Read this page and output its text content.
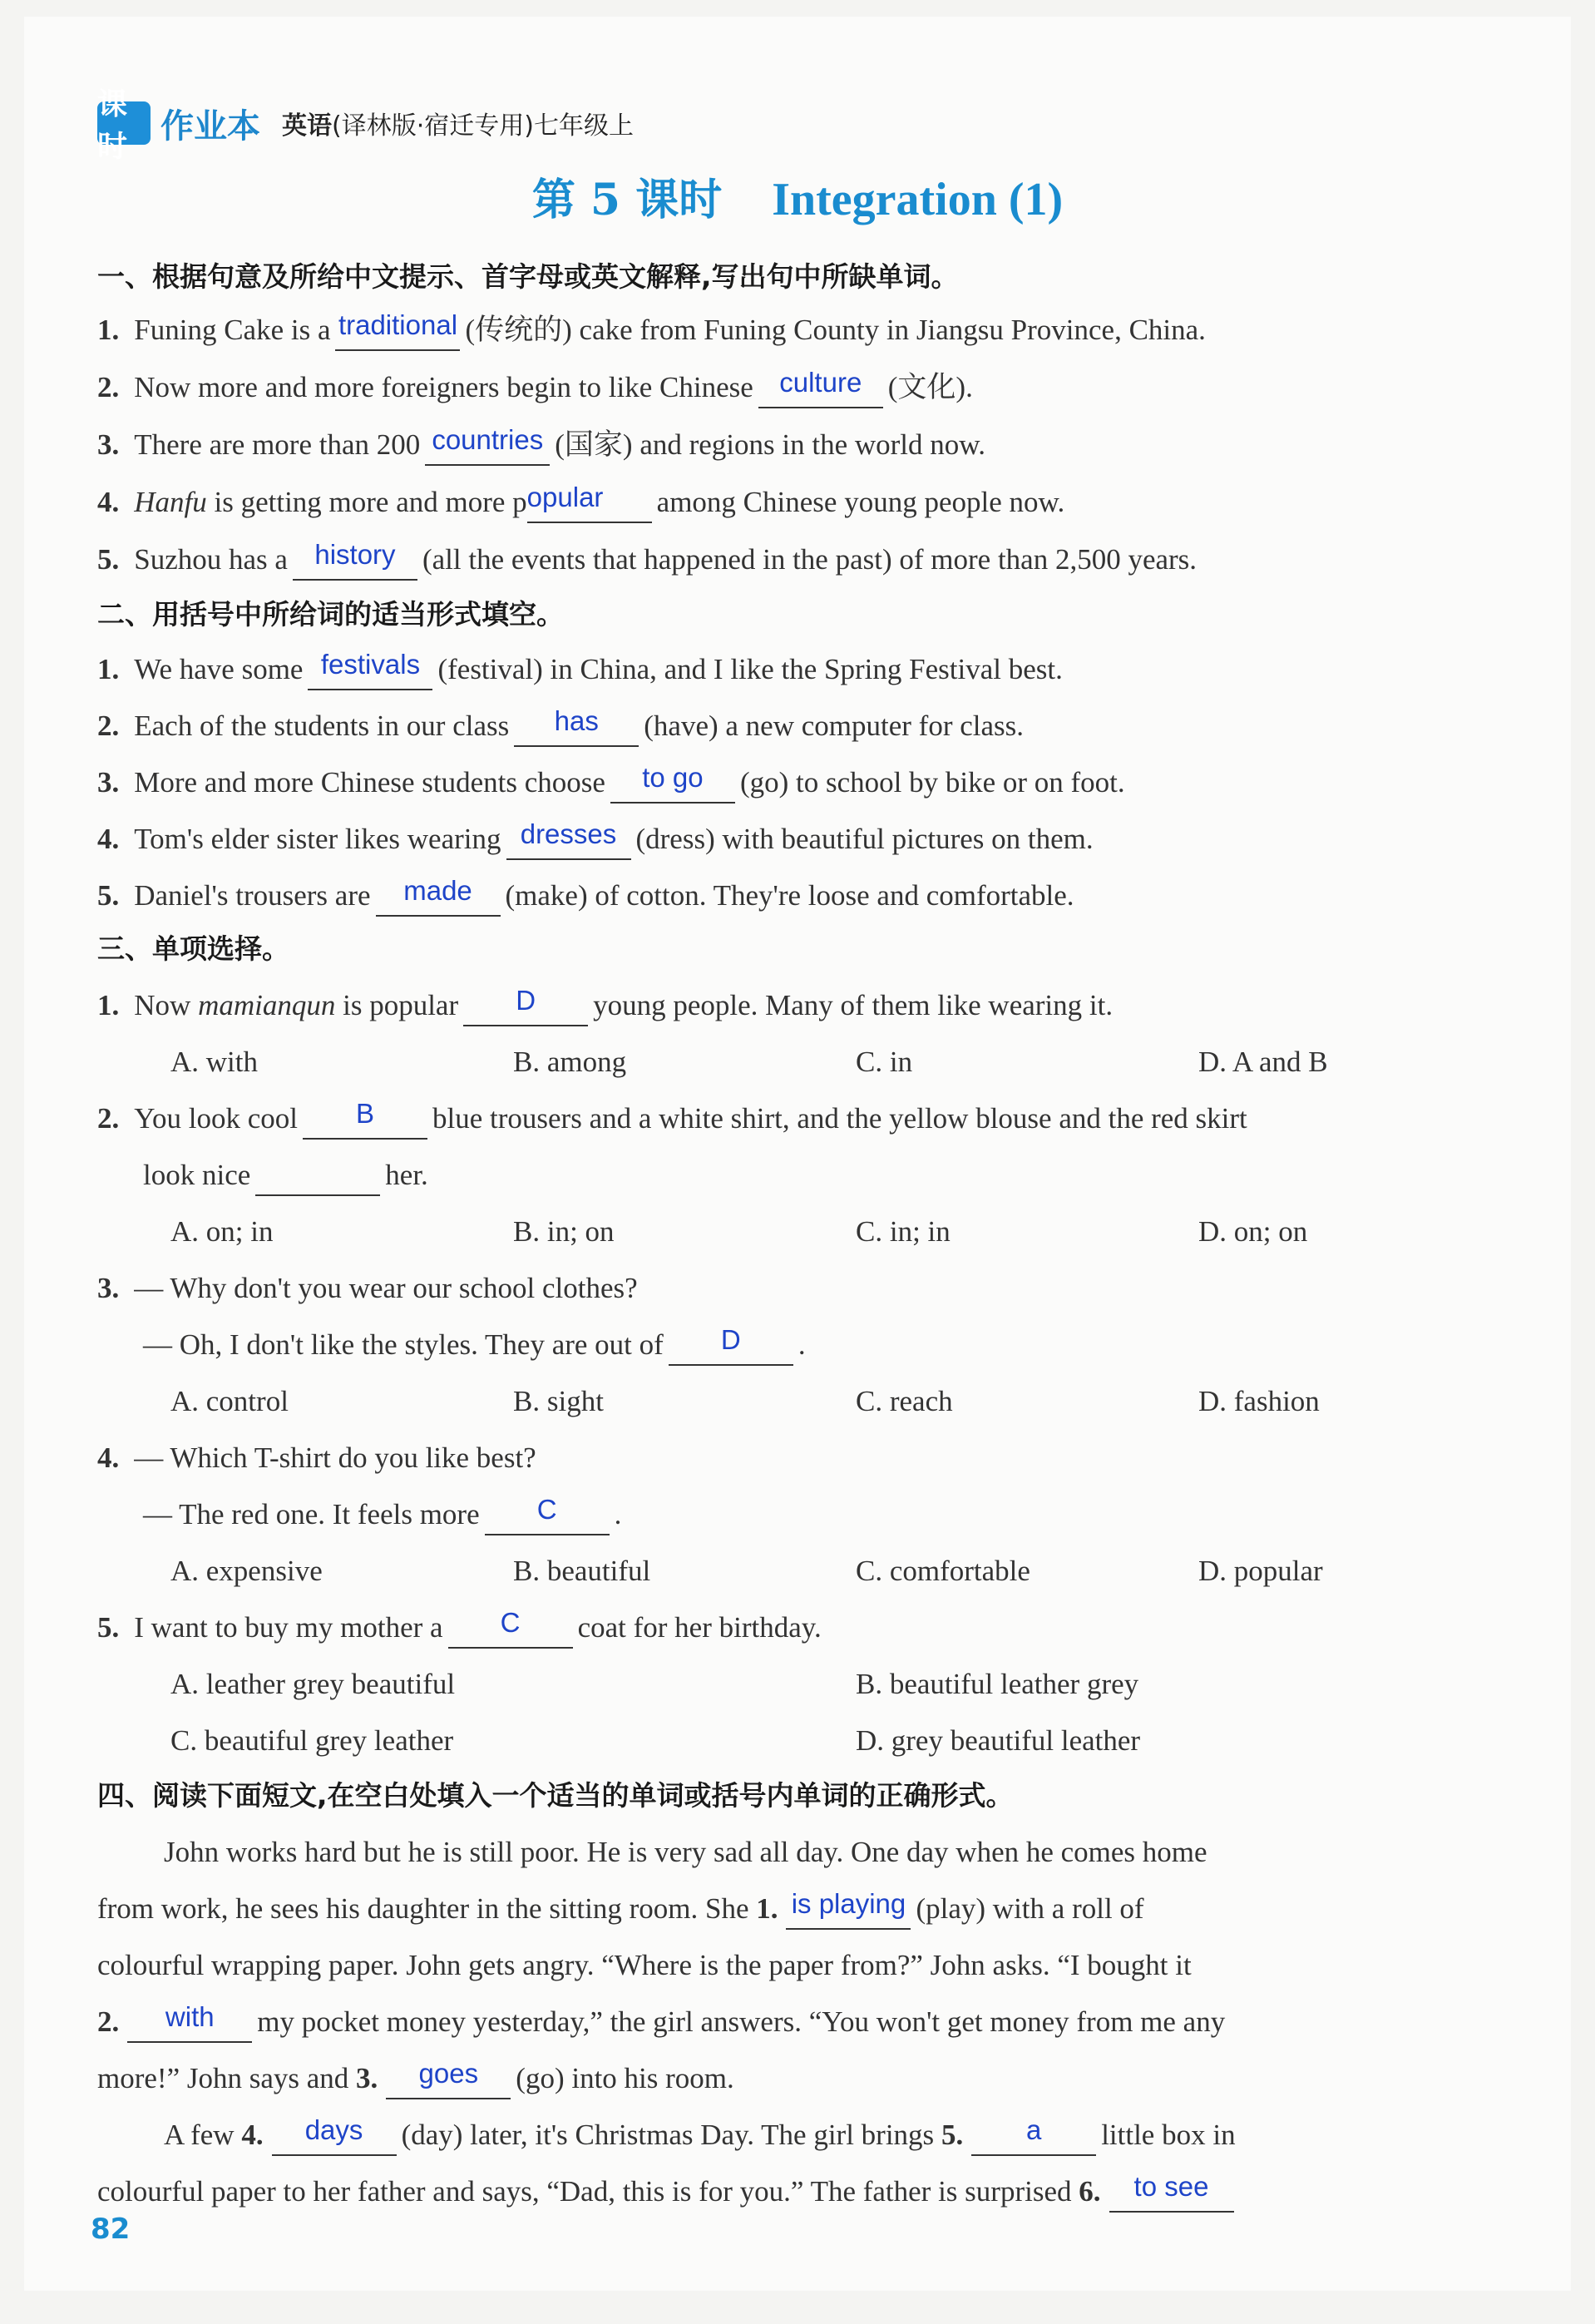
课时
作业本 英语(译林版·宿迁专用)七年级上
第 5 课时 Integration (1)
一、根据句意及所给中文提示、首字母或英文解释,写出句中所缺单词。
1. Funing Cake is a traditional (传统的) cake from Funing County in Jiangsu Province, China.
2. Now more and more foreigners begin to like Chinese culture (文化).
3. There are more than 200 countries (国家) and regions in the world now.
4. Hanfu is getting more and more p opular	among Chinese young people now.
5. Suzhou has a history (all the events that happened in the past) of more than 2,500 years.
二、用括号中所给词的适当形式填空。
1. We have some festivals (festival) in China, and I like the Spring Festival best.
2. Each of the students in our class	has	(have) a new computer for class.
3. More and more Chinese students choose	to go	(go) to school by bike or on foot.
4. Tom's elder sister likes wearing dresses (dress) with beautiful pictures on them.
5. Daniel's trousers are	made	(make) of cotton. They're loose and comfortable.
三、单项选择。
1. Now mamianqun is popular	D	young people. Many of them like wearing it.
A. with	B. among	C. in	D. A and B
2. You look cool	B	blue trousers and a white shirt, and the yellow blouse and the red skirt
look nice	her.
A. on; in	B. in; on	C. in; in	D. on; on
3. — Why don't you wear our school clothes?
— Oh, I don't like the styles. They are out of	D	.
A. control	B. sight	C. reach	D. fashion
4. — Which T-shirt do you like best?
— The red one. It feels more	C	.
A. expensive	B. beautiful	C. comfortable	D. popular
5. I want to buy my mother a	C	coat for her birthday.
A. leather grey beautiful	B. beautiful leather grey
C. beautiful grey leather	D. grey beautiful leather
四、阅读下面短文,在空白处填入一个适当的单词或括号内单词的正确形式。
John works hard but he is still poor. He is very sad all day. One day when he comes home
from work, he sees his daughter in the sitting room. She 1. is playing (play) with a roll of
colourful wrapping paper. John gets angry. “Where is the paper from?” John asks. “I bought it
2.	with	my pocket money yesterday,” the girl answers. “You won't get money from me any
more!” John says and 3.	goes	(go) into his room.
A few 4.	days	(day) later, it's Christmas Day. The girl brings 5.	a	little box in
colourful paper to her father and says, “Dad, this is for you.” The father is surprised 6.	to see
82
